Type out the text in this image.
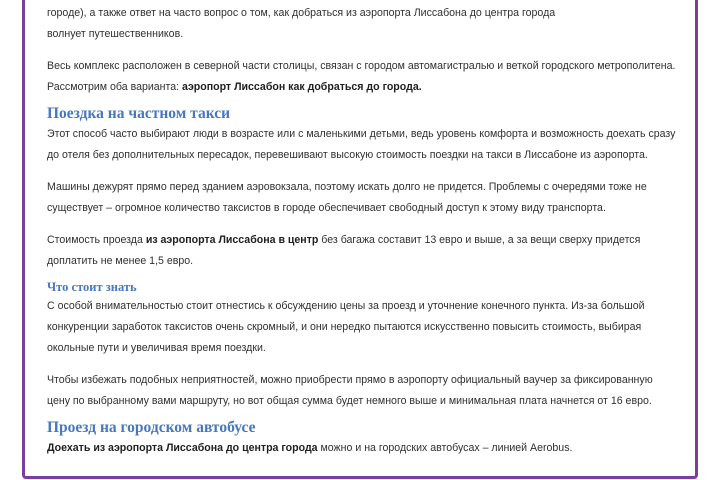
городе), а также ответ на часто вопрос о том, как добраться из аэропорта Лиссабона до центра города
волнует путешественников.

Весь комплекс расположен в северной части столицы, связан с городом автомагистралью и веткой городского метрополитена. Рассмотрим оба варианта: аэропорт Лиссабон как добраться до города.

Поездка на частном такси

Этот способ часто выбирают люди в возрасте или с маленькими детьми, ведь уровень комфорта и возможность доехать сразу до отеля без дополнительных пересадок, перевешивают высокую стоимость поездки на такси в Лиссабоне из аэропорта.

Машины дежурят прямо перед зданием аэровокзала, поэтому искать долго не придется. Проблемы с очередями тоже не существует – огромное количество таксистов в городе обеспечивает свободный доступ к этому виду транспорта.

Стоимость проезда из аэропорта Лиссабона в центр без багажа составит 13 евро и выше, а за вещи сверху придется доплатить не менее 1,5 евро.

Что стоит знать

С особой внимательностью стоит отнестись к обсуждению цены за проезд и уточнение конечного пункта. Из-за большой конкуренции заработок таксистов очень скромный, и они нередко пытаются искусственно повысить стоимость, выбирая окольные пути и увеличивая время поездки.

Чтобы избежать подобных неприятностей, можно приобрести прямо в аэропорту официальный ваучер за фиксированную цену по выбранному вами маршруту, но вот общая сумма будет немного выше и минимальная плата начнется от 16 евро.

Проезд на городском автобусе

Доехать из аэропорта Лиссабона до центра города можно и на городских автобусах – линией Aerobus.
